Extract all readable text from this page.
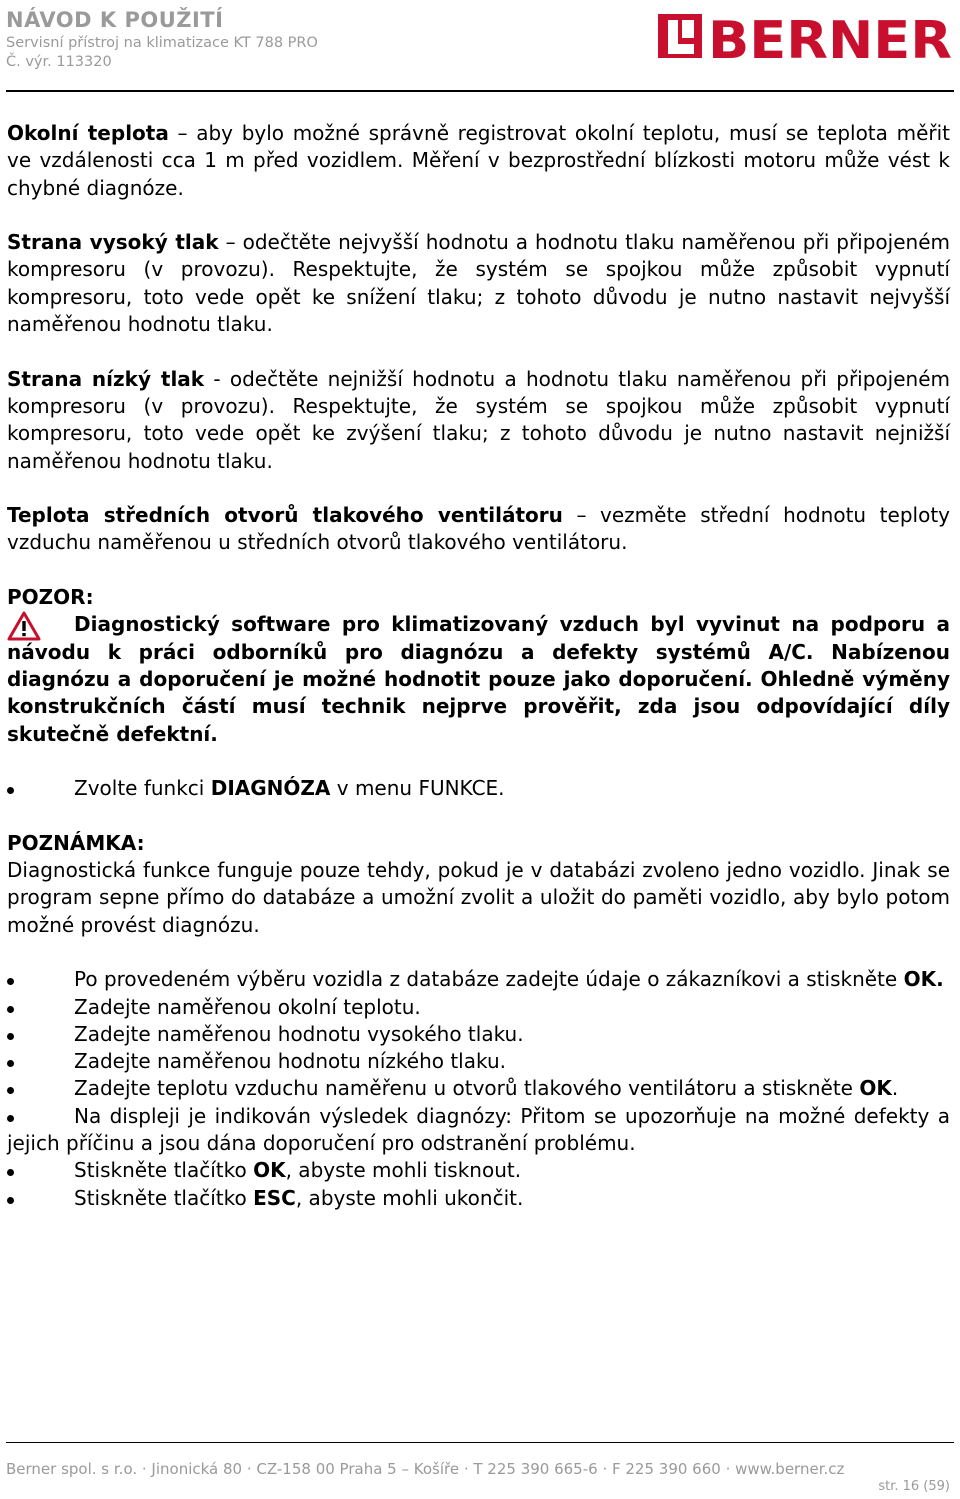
NÁVOD K POUŽITÍ
Servisní přístroj na klimatizace KT 788 PRO
Č. výr. 113320	BERNER

Okolní teplota – aby bylo možné správně registrovat okolní teplotu, musí se teplota měřit ve vzdálenosti cca 1 m před vozidlem. Měření v bezprostřední blízkosti motoru může vést k chybné diagnóze.

Strana vysoký tlak – odečtěte nejvyšší hodnotu a hodnotu tlaku naměřenou při připojeném kompresoru (v provozu). Respektujte, že systém se spojkou může způsobit vypnutí kompresoru, toto vede opět ke snížení tlaku; z tohoto důvodu je nutno nastavit nejvyšší naměřenou hodnotu tlaku.

Strana nízký tlak - odečtěte nejnižší hodnotu a hodnotu tlaku naměřenou při připojeném kompresoru (v provozu). Respektujte, že systém se spojkou může způsobit vypnutí kompresoru, toto vede opět ke zvýšení tlaku; z tohoto důvodu je nutno nastavit nejnižší naměřenou hodnotu tlaku.

Teplota středních otvorů tlakového ventilátoru – vezměte střední hodnotu teploty vzduchu naměřenou u středních otvorů tlakového ventilátoru.

POZOR:

Diagnostický software pro klimatizovaný vzduch byl vyvinut na podporu a návodu k práci odborníků pro diagnózu a defekty systémů A/C. Nabízenou diagnózu a doporučení je možné hodnotit pouze jako doporučení. Ohledně výměny konstrukčních částí musí technik nejprve prověřit, zda jsou odpovídající díly skutečně defektní.

Zvolte funkci DIAGNÓZA v menu FUNKCE.

POZNÁMKA:

Diagnostická funkce funguje pouze tehdy, pokud je v databázi zvoleno jedno vozidlo. Jinak se program sepne přímo do databáze a umožní zvolit a uložit do paměti vozidlo, aby bylo potom možné provést diagnózu.

Po provedeném výběru vozidla z databáze zadejte údaje o zákazníkovi a stiskněte OK.
Zadejte naměřenou okolní teplotu.
Zadejte naměřenou hodnotu vysokého tlaku.
Zadejte naměřenou hodnotu nízkého tlaku.
Zadejte teplotu vzduchu naměřenu u otvorů tlakového ventilátoru a stiskněte OK.
Na displeji je indikován výsledek diagnózy: Přitom se upozorňuje na možné defekty a jejich příčinu a jsou dána doporučení pro odstranění problému.
Stiskněte tlačítko OK, abyste mohli tisknout.
Stiskněte tlačítko ESC, abyste mohli ukončit.
Berner spol. s r.o. · Jinonická 80 · CZ-158 00 Praha 5 – Košíře · T 225 390 665-6 · F 225 390 660 · www.berner.cz
str. 16 (59)
